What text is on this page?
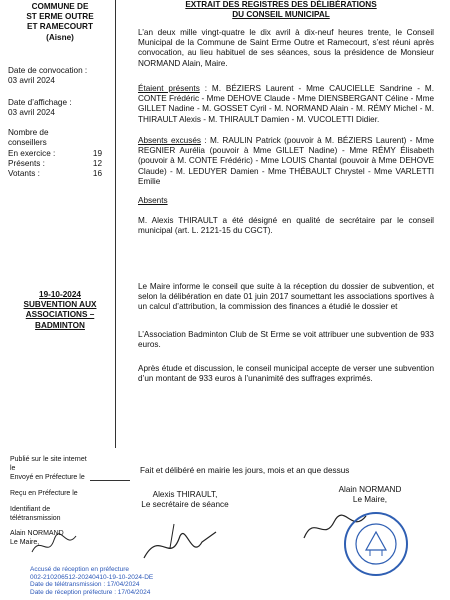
COMMUNE DE
ST ERME OUTRE
ET RAMECOURT
(Aisne)
Date de convocation :
03 avril 2024
Date d’affichage :
03 avril 2024
Nombre de
conseillers
En exercice :	19
Présents :	12
Votants :	16
19-10-2024
SUBVENTION AUX
ASSOCIATIONS –
BADMINTON
EXTRAIT DES REGISTRES DES DÉLIBÉRATIONS
DU CONSEIL MUNICIPAL
L’an deux mille vingt-quatre le dix avril à dix-neuf heures trente, le Conseil Municipal de la Commune de Saint Erme Outre et Ramecourt, s’est réuni après convocation, au lieu habituel de ses séances, sous la présidence de Monsieur NORMAND Alain, Maire.
Étaient présents : M. BÉZIERS Laurent - Mme CAUCIELLE Sandrine - M. CONTE Frédéric - Mme DEHOVE Claude - Mme DIENSBERGANT Céline - Mme GILLET Nadine - M. GOSSET Cyril - M. NORMAND Alain - M. RÉMY Michel - M. THIRAULT Alexis - M. THIRAULT Damien - M. VUCOLETTI Didier.
Absents excusés : M. RAULIN Patrick (pouvoir à M. BÉZIERS Laurent) - Mme REGNIER Aurélia (pouvoir à Mme GILLET Nadine) - Mme RÉMY Élisabeth (pouvoir à M. CONTE Frédéric) - Mme LOUIS Chantal (pouvoir à Mme DEHOVE Claude) - M. LEDUYER Damien - Mme THÉBAULT Chrystel - Mme VARLETTI Emilie
Absents
M. Alexis THIRAULT a été désigné en qualité de secrétaire par le conseil municipal (art. L. 2121-15 du CGCT).
Le Maire informe le conseil que suite à la réception du dossier de subvention, et selon la délibération en date 01 juin 2017 soumettant les associations sportives à un calcul d’attribution, la commission des finances a étudié le dossier et
L’Association Badminton Club de St Erme se voit attribuer une subvention de 933 euros.
Après étude et discussion, le conseil municipal accepte de verser une subvention d’un montant de 933 euros à l’unanimité des suffrages exprimés.
Publié sur le site internet
le
Envoyé en Préfecture le
Reçu en Préfecture le
Identifiant de
télétransmission
Alain NORMAND
Le Maire,
Fait et délibéré en mairie les jours, mois et an que dessus
Alexis THIRAULT,
Le secrétaire de séance
Alain NORMAND
Le Maire,
Accusé de réception en préfecture
002-210206512-20240410-19-10-2024-DE
Date de télétransmission : 17/04/2024
Date de réception préfecture : 17/04/2024
